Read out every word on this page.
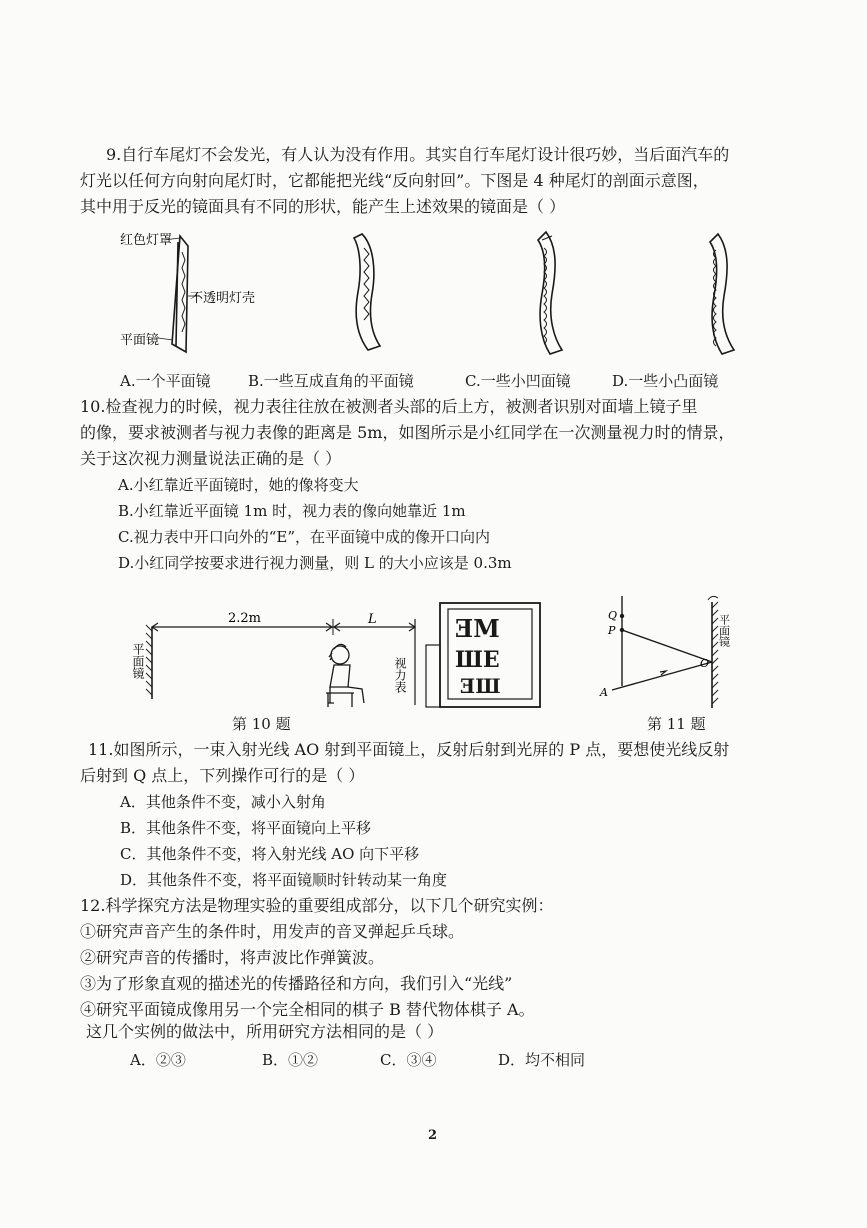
9.自行车尾灯不会发光，有人认为没有作用。其实自行车尾灯设计很巧妙，当后面汽车的
灯光以任何方向射向尾灯时，它都能把光线“反向射回”。下图是 4 种尾灯的剖面示意图，
其中用于反光的镜面具有不同的形状，能产生上述效果的镜面是（ ）
红色灯罩
不透明灯壳
平面镜
A.一个平面镜 B.一些互成直角的平面镜	C.一些小凹面镜	D.一些小凸面镜
10.检查视力的时候，视力表往往放在被测者头部的后上方，被测者识别对面墙上镜子里
的像，要求被测者与视力表像的距离是 5m，如图所示是小红同学在一次测量视力时的情景，
关于这次视力测量说法正确的是（ ）
A.小红靠近平面镜时，她的像将变大
B.小红靠近平面镜 1m 时，视力表的像向她靠近 1m
C.视力表中开口向外的“E”，在平面镜中成的像开口向内
D.小红同学按要求进行视力测量，则 L 的大小应该是 0.3m
ƎM
ШЕ
ƎШ
2.2m	L
平面镜	视力表
第 10 题
Q
P
A
O
平面镜
第 11 题
11.如图所示，一束入射光线 AO 射到平面镜上，反射后射到光屏的 P 点，要想使光线反射
后射到 Q 点上，下列操作可行的是（ ）
A．其他条件不变，减小入射角
B．其他条件不变，将平面镜向上平移
C．其他条件不变，将入射光线 AO 向下平移
D．其他条件不变，将平面镜顺时针转动某一角度
12.科学探究方法是物理实验的重要组成部分，以下几个研究实例：
①研究声音产生的条件时，用发声的音叉弹起乒乓球。
②研究声音的传播时，将声波比作弹簧波。
③为了形象直观的描述光的传播路径和方向，我们引入“光线”
④研究平面镜成像用另一个完全相同的棋子 B 替代物体棋子 A。
这几个实例的做法中，所用研究方法相同的是（ ）
A．②③	B．①②	C．③④	D．均不相同
2
